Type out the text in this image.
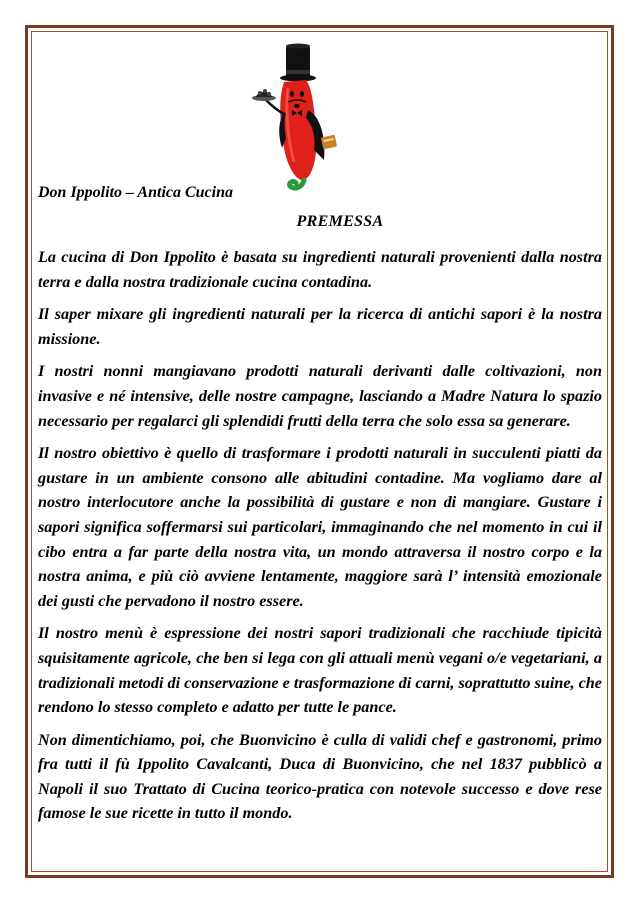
Don Ippolito – Antica Cucina
PREMESSA

La cucina di Don Ippolito è basata su ingredienti naturali provenienti dalla nostra terra e dalla nostra tradizionale cucina contadina.

Il saper mixare gli ingredienti naturali per la ricerca di antichi sapori è la nostra missione.

I nostri nonni mangiavano prodotti naturali derivanti dalle coltivazioni, non invasive e né intensive, delle nostre campagne, lasciando a Madre Natura lo spazio necessario per regalarci gli splendidi frutti della terra che solo essa sa generare.

Il nostro obiettivo è quello di trasformare i prodotti naturali in succulenti piatti da gustare in un ambiente consono alle abitudini contadine. Ma vogliamo dare al nostro interlocutore anche la possibilità di gustare e non di mangiare. Gustare i sapori significa soffermarsi sui particolari, immaginando che nel momento in cui il cibo entra a far parte della nostra vita, un mondo attraversa il nostro corpo e la nostra anima, e più ciò avviene lentamente, maggiore sarà l’ intensità emozionale dei gusti che pervadono il nostro essere.

Il nostro menù è espressione dei nostri sapori tradizionali che racchiude tipicità squisitamente agricole, che ben si lega con gli attuali menù vegani o/e vegetariani, a tradizionali metodi di conservazione e trasformazione di carni, soprattutto suine, che rendono lo stesso completo e adatto per tutte le pance.

Non dimentichiamo, poi, che Buonvicino è culla di validi chef e gastronomi, primo fra tutti il fù Ippolito Cavalcanti, Duca di Buonvicino, che nel 1837 pubblicò a Napoli il suo Trattato di Cucina teorico-pratica con notevole successo e dove rese famose le sue ricette in tutto il mondo.
